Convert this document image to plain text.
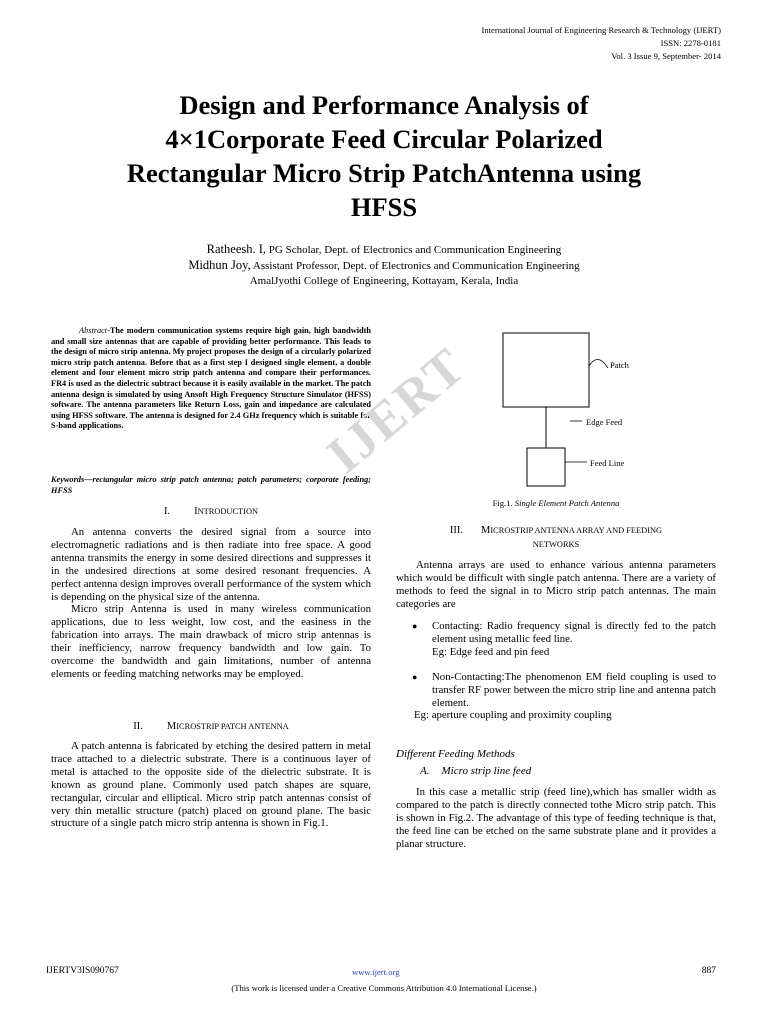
International Journal of Engineering Research & Technology (IJERT)
ISSN: 2278-0181
Vol. 3 Issue 9, September- 2014
Design and Performance Analysis of
4×1Corporate Feed Circular Polarized
Rectangular Micro Strip PatchAntenna using
HFSS
Ratheesh. I, PG Scholar, Dept. of Electronics and Communication Engineering
Midhun Joy, Assistant Professor, Dept. of Electronics and Communication Engineering
AmalJyothi College of Engineering, Kottayam, Kerala, India
Abstract-The modern communication systems require high gain, high bandwidth and small size antennas that are capable of providing better performance. This leads to the design of micro strip antenna. My project proposes the design of a circularly polarized micro strip patch antenna. Before that as a first step I designed single element, a double element and four element micro strip patch antenna and compare their performances. FR4 is used as the dielectric subtract because it is easily available in the market. The patch antenna design is simulated by using Ansoft High Frequency Structure Simulator (HFSS) software. The antenna parameters like Return Loss, gain and impedance are calculated using HFSS software. The antenna is designed for 2.4 GHz frequency which is suitable for S-band applications.
Keywords—rectangular micro strip patch antenna; patch parameters; corporate feeding; HFSS
I. INTRODUCTION

An antenna converts the desired signal from a source into electromagnetic radiations and is then radiate into free space. A good antenna transmits the energy in some desired directions and suppresses it in the undesired directions at some desired resonant frequencies. A perfect antenna design improves overall performance of the system which is depending on the physical size of the antenna.

Micro strip Antenna is used in many wireless communication applications, due to less weight, low cost, and the easiness in the fabrication into arrays. The main drawback of micro strip antennas is their inefficiency, narrow frequency bandwidth and low gain. To overcome the bandwidth and gain limitations, number of antenna elements or feeding matching networks may be employed.

II. MICROSTRIP PATCH ANTENNA

A patch antenna is fabricated by etching the desired pattern in metal trace attached to a dielectric substrate. There is a continuous layer of metal is attached to the opposite side of the dielectric substrate. It is known as ground plane. Commonly used patch shapes are square, rectangular, circular and elliptical. Micro strip patch antennas consist of very thin metallic structure (patch) placed on ground plane. The basic structure of a single patch micro strip antenna is shown in Fig.1.

Patch
Edge Feed
Feed Line
Fig.1. Single Element Patch Antenna
III. MICROSTRIP ANTENNA ARRAY AND FEEDING
NETWORKS

Antenna arrays are used to enhance various antenna parameters which would be difficult with single patch antenna. There are a variety of methods to feed the signal in to Micro strip patch antennas. The main categories are

● Contacting: Radio frequency signal is directly fed to the patch element using metallic feed line.
Eg: Edge feed and pin feed
● Non-Contacting:The phenomenon EM field coupling is used to transfer RF power between the micro strip line and antenna patch element.
Eg: aperture coupling and proximity coupling
Different Feeding Methods
A. Micro strip line feed

In this case a metallic strip (feed line),which has smaller width as compared to the patch is directly connected tothe Micro strip patch. This is shown in Fig.2. The advantage of this type of feeding technique is that, the feed line can be etched on the same substrate plane and it provides a planar structure.

IJERT
IJERTV3IS090767	www.ijert.org	887
(This work is licensed under a Creative Commons Attribution 4.0 International License.)
